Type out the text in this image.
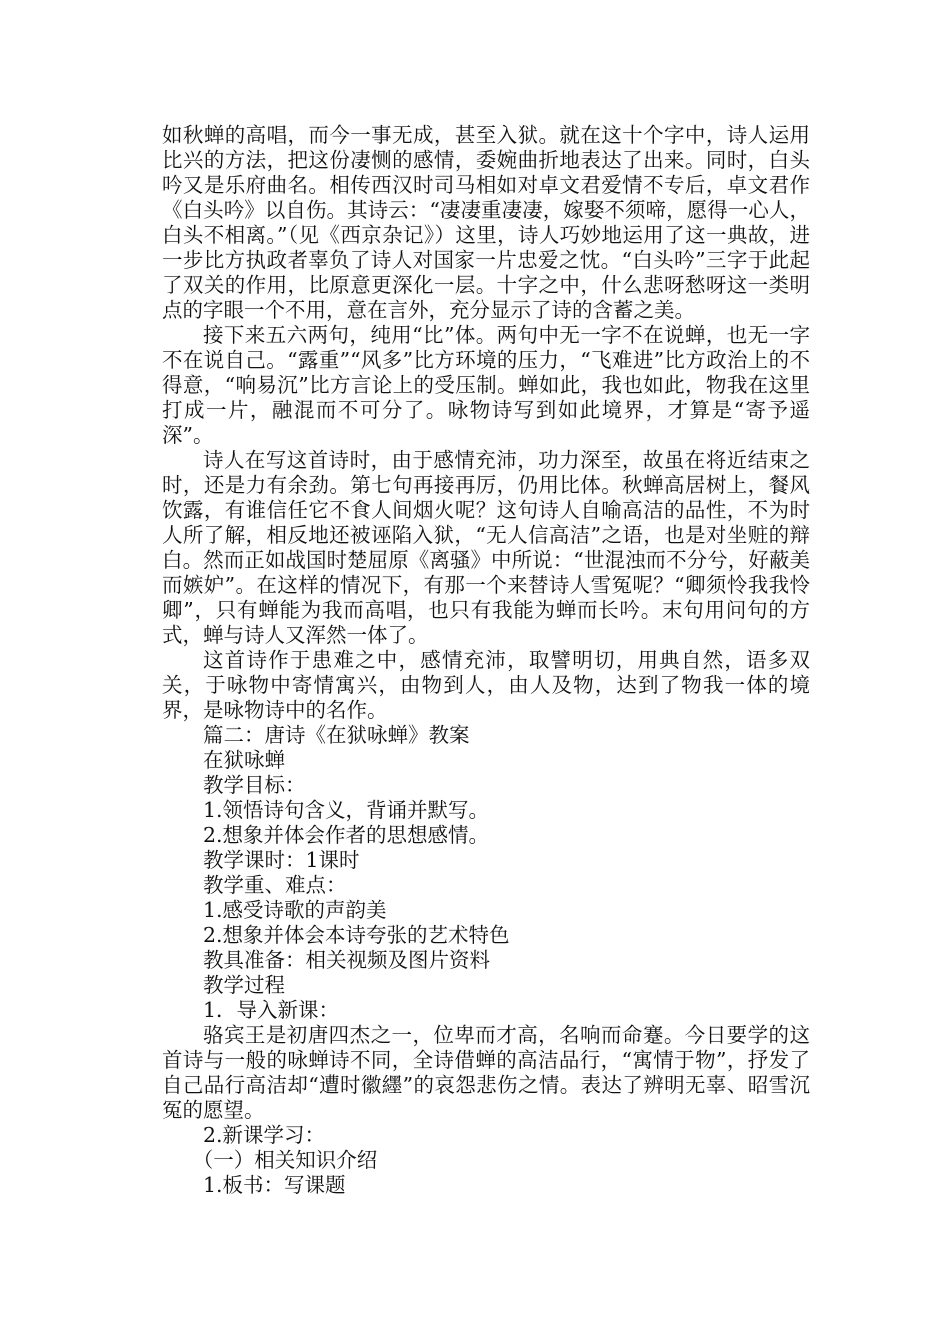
如秋蝉的高唱，而今一事无成，甚至入狱。就在这十个字中，诗人运用比兴的方法，把这份凄恻的感情，委婉曲折地表达了出来。同时，白头吟又是乐府曲名。相传西汉时司马相如对卓文君爱情不专后，卓文君作《白头吟》以自伤。其诗云：“凄凄重凄凄，嫁娶不须啼，愿得一心人，白头不相离。”（见《西京杂记》）这里，诗人巧妙地运用了这一典故，进一步比方执政者辜负了诗人对国家一片忠爱之忱。“白头吟”三字于此起了双关的作用，比原意更深化一层。十字之中，什么悲呀愁呀这一类明点的字眼一个不用，意在言外，充分显示了诗的含蓄之美。

接下来五六两句，纯用“比”体。两句中无一字不在说蝉，也无一字不在说自己。“露重”“风多”比方环境的压力，“飞难进”比方政治上的不得意，“响易沉”比方言论上的受压制。蝉如此，我也如此，物我在这里打成一片，融混而不可分了。咏物诗写到如此境界，才算是“寄予遥深”。

诗人在写这首诗时，由于感情充沛，功力深至，故虽在将近结束之时，还是力有余劲。第七句再接再厉，仍用比体。秋蝉高居树上，餐风饮露，有谁信任它不食人间烟火呢？这句诗人自喻高洁的品性，不为时人所了解，相反地还被诬陷入狱，“无人信高洁”之语，也是对坐赃的辩白。然而正如战国时楚屈原《离骚》中所说：“世混浊而不分兮，好蔽美而嫉妒”。在这样的情况下，有那一个来替诗人雪冤呢？“卿须怜我我怜卿”，只有蝉能为我而高唱，也只有我能为蝉而长吟。末句用问句的方式，蝉与诗人又浑然一体了。

这首诗作于患难之中，感情充沛，取譬明切，用典自然，语多双关，于咏物中寄情寓兴，由物到人，由人及物，达到了物我一体的境界，是咏物诗中的名作。

篇二：唐诗《在狱咏蝉》教案

在狱咏蝉

教学目标：

1.领悟诗句含义，背诵并默写。

2.想象并体会作者的思想感情。

教学课时：1课时

教学重、难点：

1.感受诗歌的声韵美

2.想象并体会本诗夸张的艺术特色

教具准备：相关视频及图片资料

教学过程

1．导入新课：

骆宾王是初唐四杰之一，位卑而才高，名响而命蹇。今日要学的这首诗与一般的咏蝉诗不同，全诗借蝉的高洁品行，“寓情于物”，抒发了自己品行高洁却“遭时徽纆”的哀怨悲伤之情。表达了辨明无辜、昭雪沉冤的愿望。

2.新课学习：

（一）相关知识介绍

1.板书：写课题
